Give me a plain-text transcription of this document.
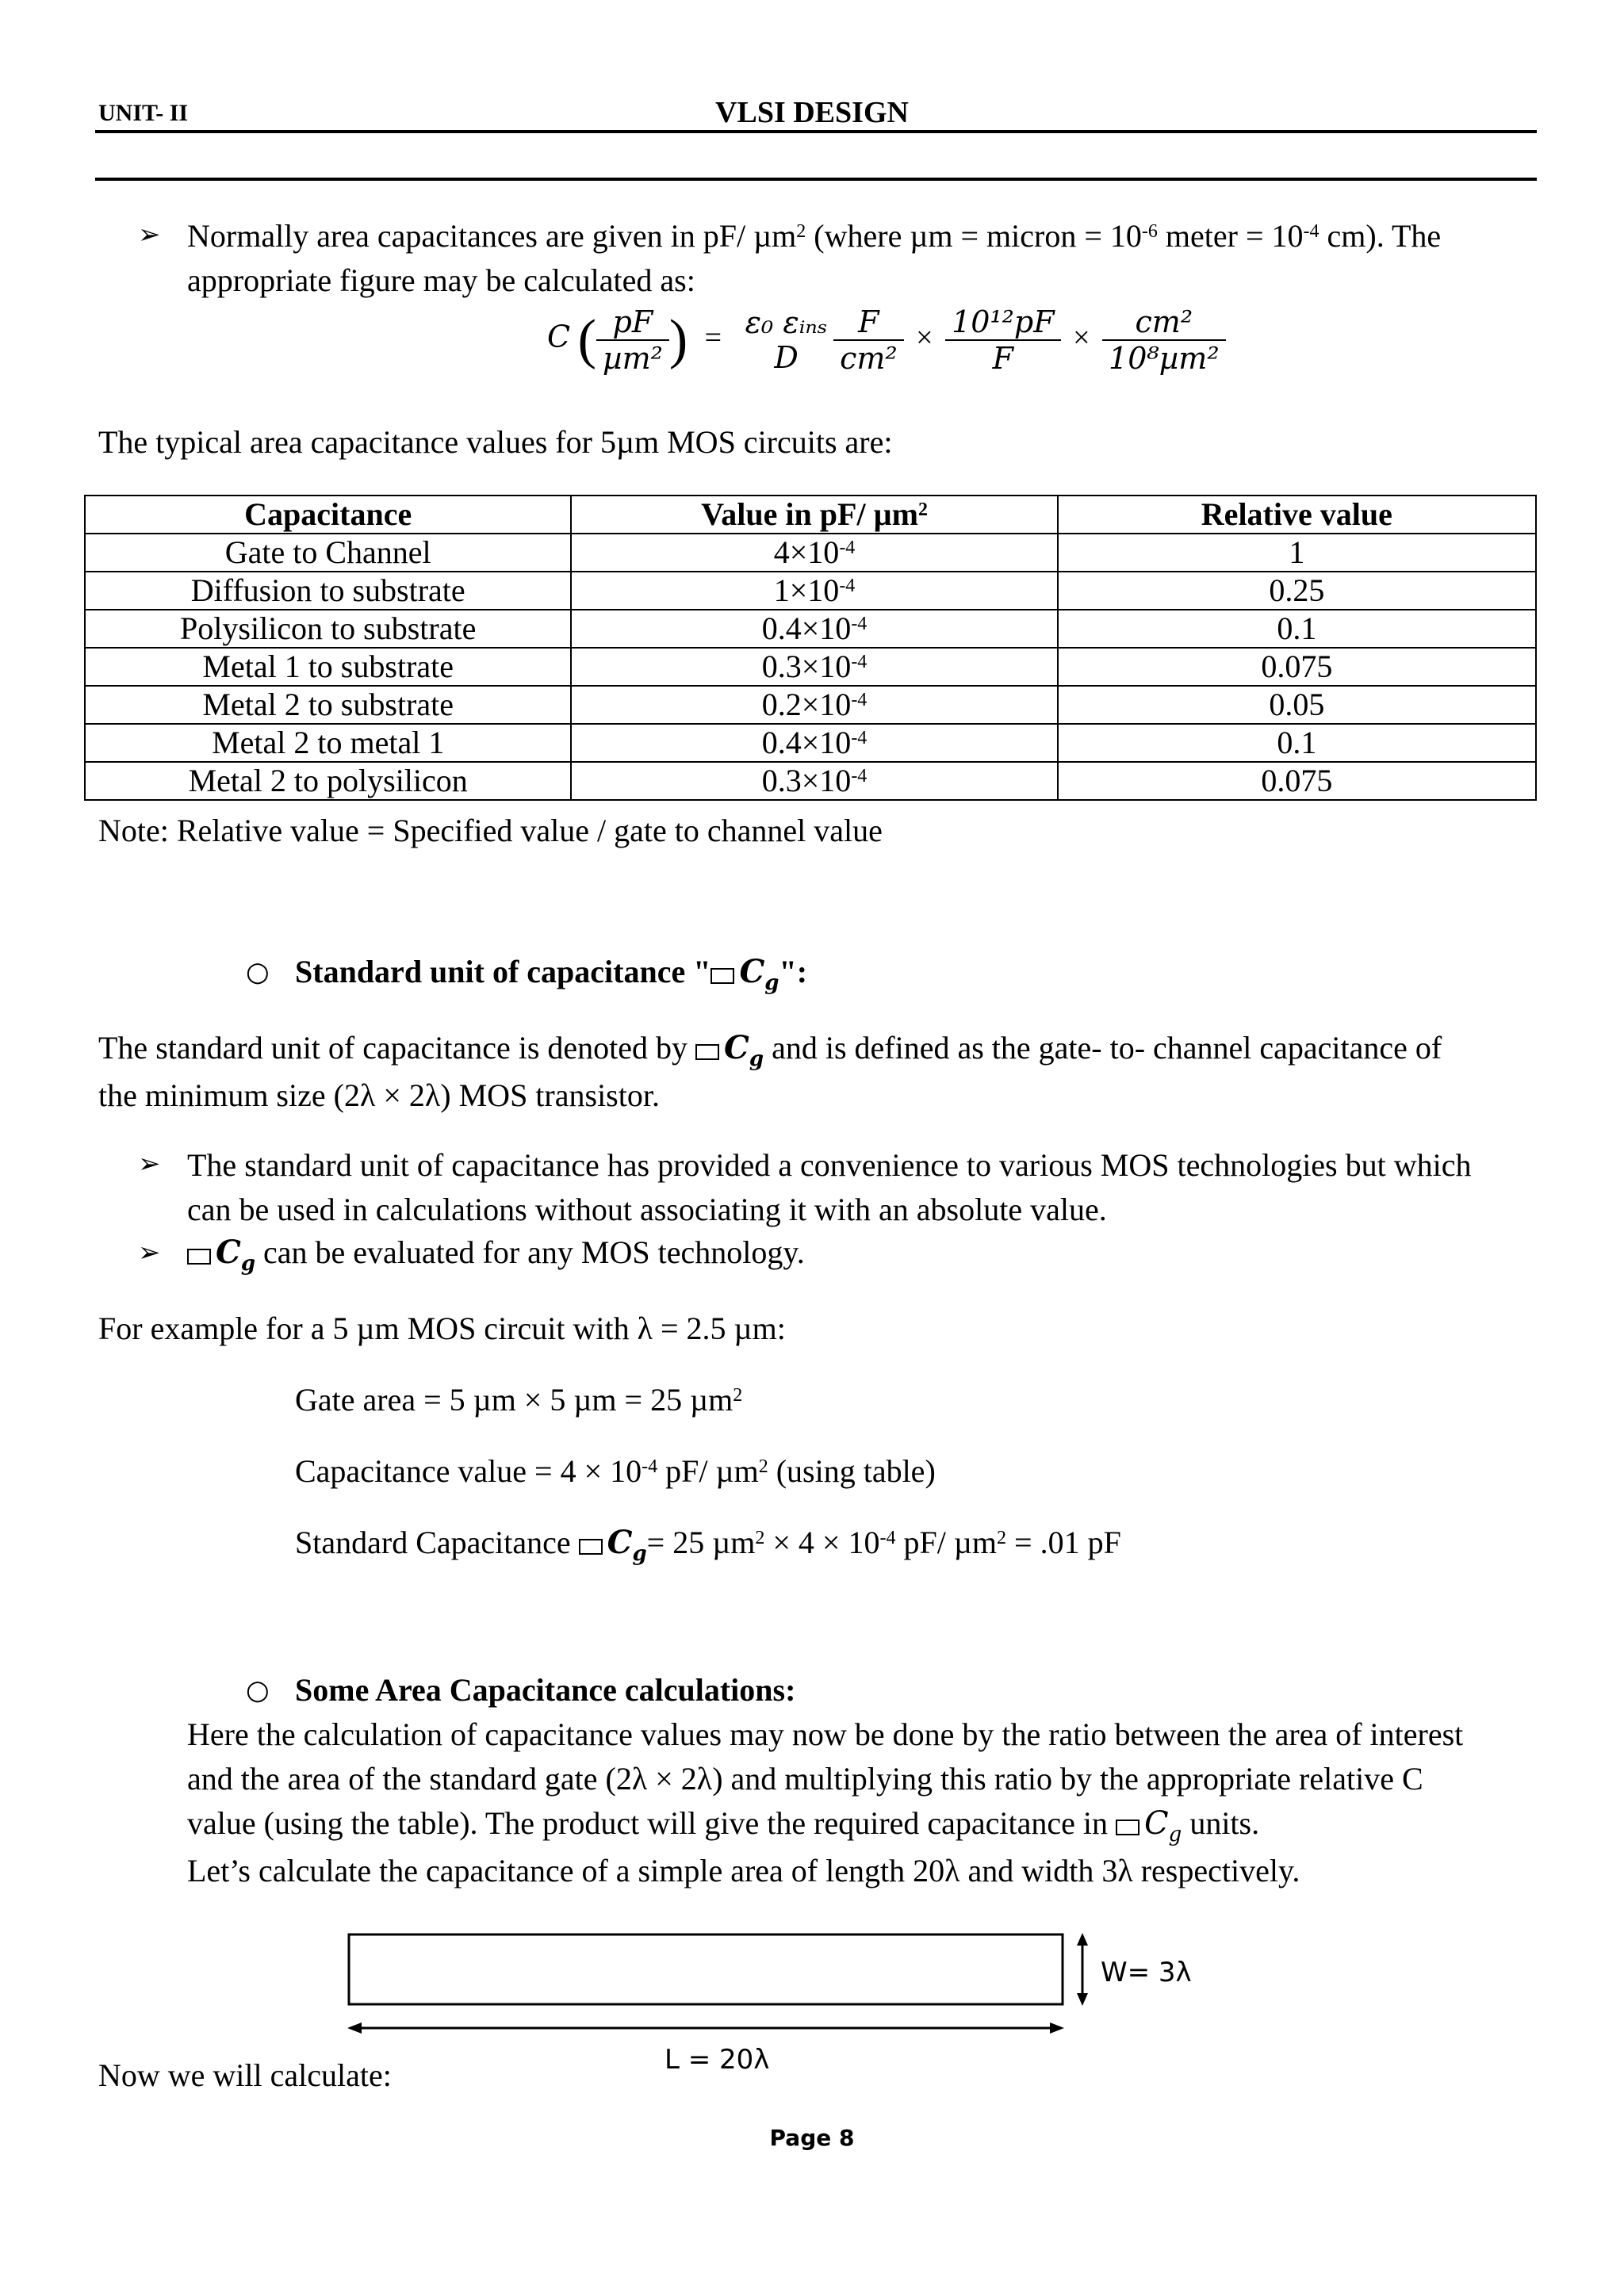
UNIT- II	VLSI DESIGN
➢ Normally area capacitances are given in pF/ µm$^2$ (where µm = micron = $10^{-6}$ meter = $10^{-4}$ cm). The
appropriate figure may be calculated as:
C ( $\frac{pF}{\text{µm²}}$ ) = ε₀ εᵢₙₛ
D
	$\frac{F}{\text{cm²}} \times \frac{\text{10¹²pF}}{F} \times \frac{\text{cm²}}{\text{10⁸µm²}}$
The typical area capacitance values for 5µm MOS circuits are:
Capacitance	Value in pF/ µm$^2$	Relative value
Gate to Channel	$4\times 10^{-4}$	1
Diffusion to substrate	$1\times 10^{-4}$	0.25
Polysilicon to substrate	$0.4\times 10^{-4}$	0.1
Metal 1 to substrate	$0.3\times 10^{-4}$	0.075
Metal 2 to substrate	$0.2\times 10^{-4}$	0.05
Metal 2 to metal 1	$0.4\times 10^{-4}$	0.1
Metal 2 to polysilicon	$0.3\times 10^{-4}$	0.075
Note: Relative value = Specified value / gate to channel value
○ Standard unit of capacitance " $C_g$":
The standard unit of capacitance is denoted by $C_g$ and is defined as the gate- to- channel capacitance of
the minimum size (2λ × 2λ) MOS transistor.
➢ The standard unit of capacitance has provided a convenience to various MOS technologies but which
can be used in calculations without associating it with an absolute value.
➢	$C_g$ can be evaluated for any MOS technology.
For example for a 5 µm MOS circuit with λ = 2.5 µm:
Gate area = 5 µm × 5 µm = 25 µm$^2$
Capacitance value = $4 \times 10^{-4}$ pF/ µm$^2$ (using table)
Standard Capacitance $C_g= 25$ $\mu m^2 \times 4 \times 10^{-4}$ pF/ µm$^2$ = .01 pF
○ Some Area Capacitance calculations:
Here the calculation of capacitance values may now be done by the ratio between the area of interest
and the area of the standard gate (2λ × 2λ) and multiplying this ratio by the appropriate relative C
value (using the table). The product will give the required capacitance in $C_g$ units.
Let’s calculate the capacitance of a simple area of length 20λ and width 3λ respectively.
W= 3λ
L = 20λ
Now we will calculate:
Page 8
